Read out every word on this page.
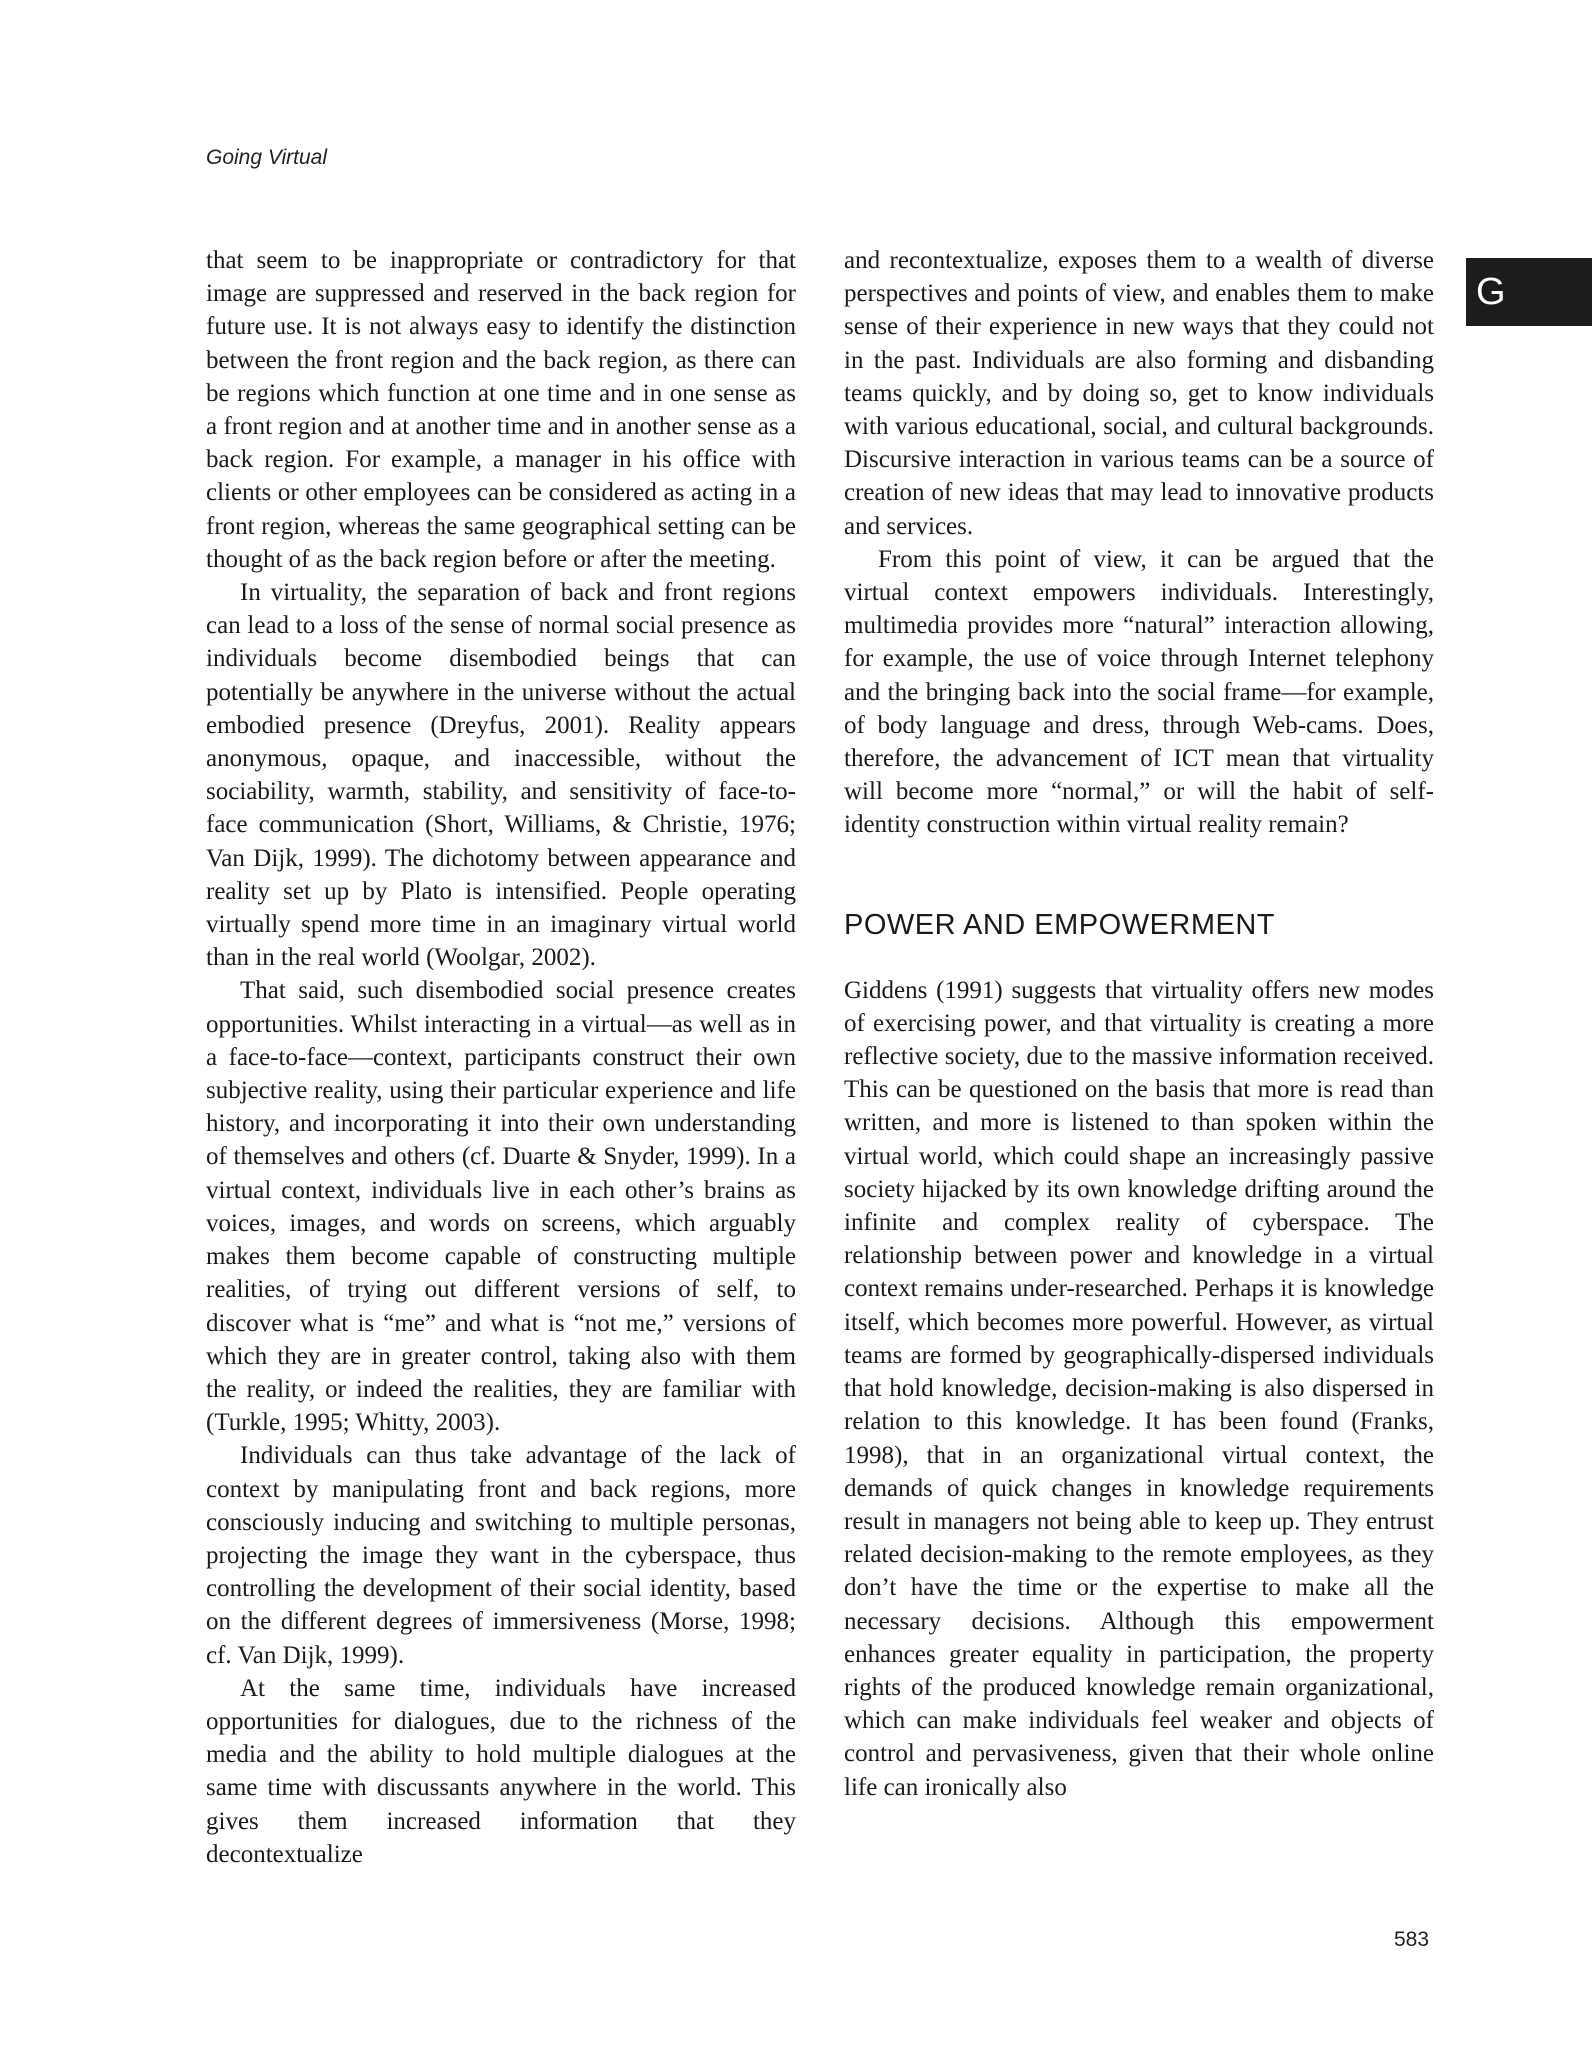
Going Virtual
G

that seem to be inappropriate or contradictory for that image are suppressed and reserved in the back region for future use. It is not always easy to identify the distinction between the front region and the back region, as there can be regions which function at one time and in one sense as a front region and at another time and in another sense as a back region. For example, a manager in his office with clients or other employees can be considered as acting in a front region, whereas the same geographical setting can be thought of as the back region before or after the meeting.

In virtuality, the separation of back and front regions can lead to a loss of the sense of normal social presence as individuals become disembodied beings that can potentially be anywhere in the universe without the actual embodied presence (Dreyfus, 2001). Reality appears anonymous, opaque, and inaccessible, without the sociability, warmth, stability, and sensitivity of face-to-face communication (Short, Williams, & Christie, 1976; Van Dijk, 1999). The dichotomy between appearance and reality set up by Plato is intensified. People operating virtually spend more time in an imaginary virtual world than in the real world (Woolgar, 2002).

That said, such disembodied social presence creates opportunities. Whilst interacting in a virtual—as well as in a face-to-face—context, participants construct their own subjective reality, using their particular experience and life history, and incorporating it into their own understanding of themselves and others (cf. Duarte & Snyder, 1999). In a virtual context, individuals live in each other’s brains as voices, images, and words on screens, which arguably makes them become capable of constructing multiple realities, of trying out different versions of self, to discover what is “me” and what is “not me,” versions of which they are in greater control, taking also with them the reality, or indeed the realities, they are familiar with (Turkle, 1995; Whitty, 2003).

Individuals can thus take advantage of the lack of context by manipulating front and back regions, more consciously inducing and switching to multiple personas, projecting the image they want in the cyberspace, thus controlling the development of their social identity, based on the different degrees of immersiveness (Morse, 1998; cf. Van Dijk, 1999).

At the same time, individuals have increased opportunities for dialogues, due to the richness of the media and the ability to hold multiple dialogues at the same time with discussants anywhere in the world. This gives them increased information that they decontextualize

and recontextualize, exposes them to a wealth of diverse perspectives and points of view, and enables them to make sense of their experience in new ways that they could not in the past. Individuals are also forming and disbanding teams quickly, and by doing so, get to know individuals with various educational, social, and cultural backgrounds. Discursive interaction in various teams can be a source of creation of new ideas that may lead to innovative products and services.

From this point of view, it can be argued that the virtual context empowers individuals. Interestingly, multimedia provides more “natural” interaction allowing, for example, the use of voice through Internet telephony and the bringing back into the social frame—for example, of body language and dress, through Web-cams. Does, therefore, the advancement of ICT mean that virtuality will become more “normal,” or will the habit of self-identity construction within virtual reality remain?

POWER AND EMPOWERMENT

Giddens (1991) suggests that virtuality offers new modes of exercising power, and that virtuality is creating a more reflective society, due to the massive information received. This can be questioned on the basis that more is read than written, and more is listened to than spoken within the virtual world, which could shape an increasingly passive society hijacked by its own knowledge drifting around the infinite and complex reality of cyberspace. The relationship between power and knowledge in a virtual context remains under-researched. Perhaps it is knowledge itself, which becomes more powerful. However, as virtual teams are formed by geographically-dispersed individuals that hold knowledge, decision-making is also dispersed in relation to this knowledge. It has been found (Franks, 1998), that in an organizational virtual context, the demands of quick changes in knowledge requirements result in managers not being able to keep up. They entrust related decision-making to the remote employees, as they don’t have the time or the expertise to make all the necessary decisions. Although this empowerment enhances greater equality in participation, the property rights of the produced knowledge remain organizational, which can make individuals feel weaker and objects of control and pervasiveness, given that their whole online life can ironically also

583
